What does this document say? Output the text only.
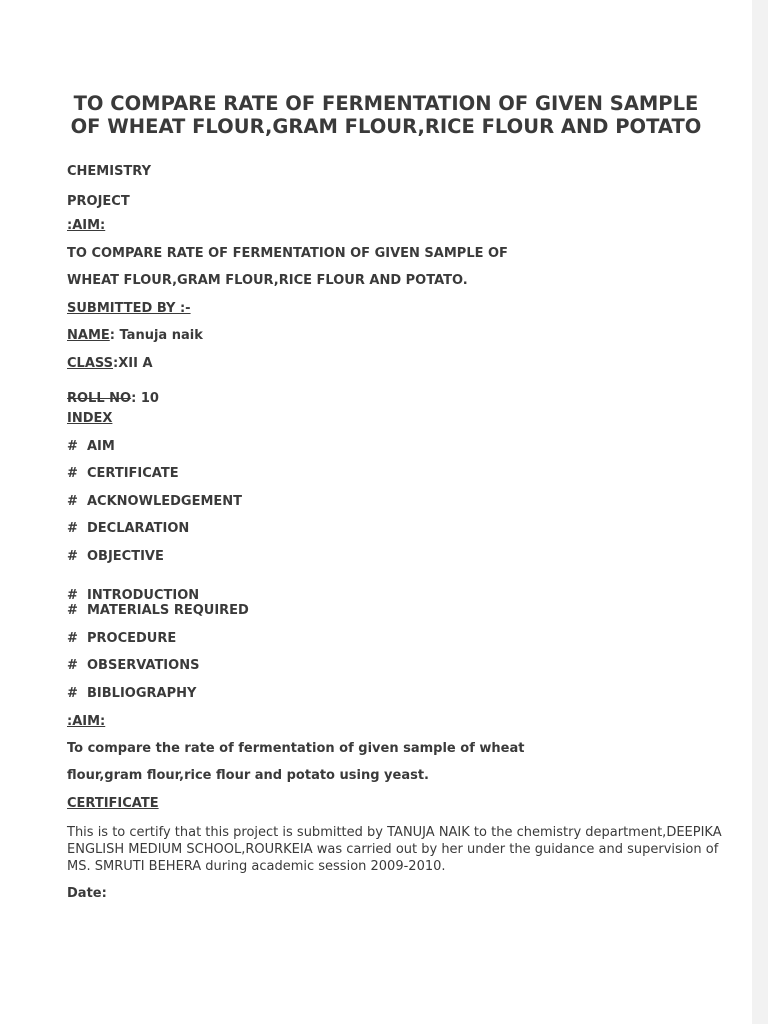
TO COMPARE RATE OF FERMENTATION OF GIVEN SAMPLE OF WHEAT FLOUR,GRAM FLOUR,RICE FLOUR AND POTATO
CHEMISTRY
PROJECT
:AIM:
TO COMPARE RATE OF FERMENTATION OF GIVEN SAMPLE OF
WHEAT FLOUR,GRAM FLOUR,RICE FLOUR AND POTATO.
SUBMITTED BY :-
NAME: Tanuja naik
CLASS:XII A
ROLL NO: 10
INDEX
# AIM
# CERTIFICATE
# ACKNOWLEDGEMENT
# DECLARATION
# OBJECTIVE
# INTRODUCTION
# MATERIALS REQUIRED
# PROCEDURE
# OBSERVATIONS
# BIBLIOGRAPHY
:AIM:
To compare the rate of fermentation of given sample of wheat
flour,gram flour,rice flour and potato using yeast.
CERTIFICATE

This is to certify that this project is submitted by TANUJA NAIK to the chemistry department,DEEPIKA ENGLISH MEDIUM SCHOOL,ROURKEIA was carried out by her under the guidance and supervision of MS. SMRUTI BEHERA during academic session 2009-2010.

Date:
